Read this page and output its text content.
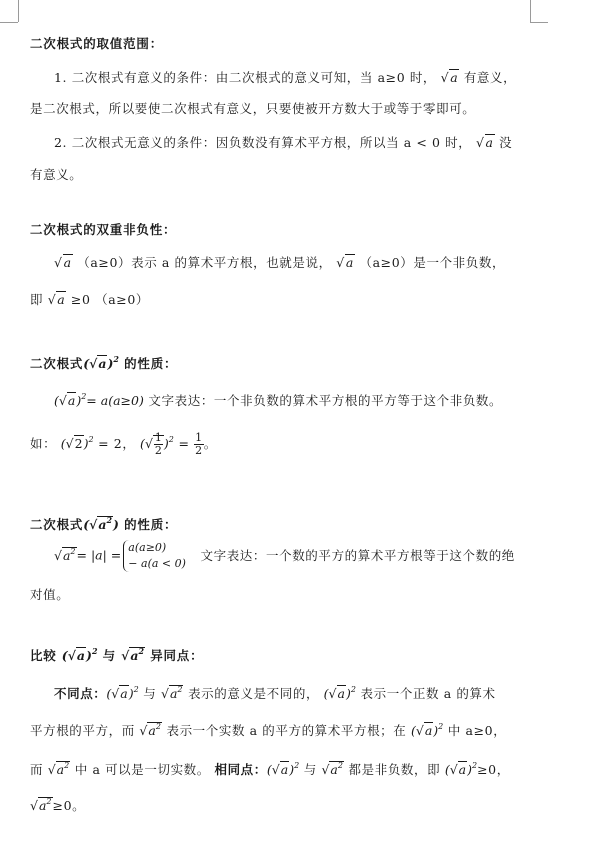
二次根式的取值范围：
1. 二次根式有意义的条件：由二次根式的意义可知，当 a≥0 时， √a 有意义，
是二次根式，所以要使二次根式有意义，只要使被开方数大于或等于零即可。
2. 二次根式无意义的条件：因负数没有算术平方根，所以当 a < 0 时， √a 没
有意义。
二次根式的双重非负性：
√a （a≥0）表示 a 的算术平方根，也就是说， √a （a≥0）是一个非负数，
即 √a ≥0 （a≥0）
二次根式$(√a)^2$ 的性质：
$(√a)^2= a(a\ge 0)$ 文字表达：一个非负数的算术平方根的平方等于这个非负数。
如： $(√2)^2 = 2$， (√ $\frac{1}{2} )^2 = \frac{1}{2}$ 。
二次根式$(√a^2)$ 的性质：
$√a^2= |a| = a(a\ge 0)$
− a(a < 0) 文字表达：一个数的平方的算术平方根等于这个数的绝
对值。
比较 $(√a)^2$ 与 $√a^2$ 异同点：
不同点：$(√a)^2$ 与 $√a^2$ 表示的意义是不同的， $(√a)^2$ 表示一个正数 a 的算术
平方根的平方，而 $√a^2$ 表示一个实数 a 的平方的算术平方根；在 $(√a)^2$ 中 a≥0，
而 $√a^2$ 中 a 可以是一切实数。 相同点：$(√a)^2$ 与 $√a^2$ 都是非负数，即 $(√a)^2\ge 0$，
$√a^2\ge 0$。
